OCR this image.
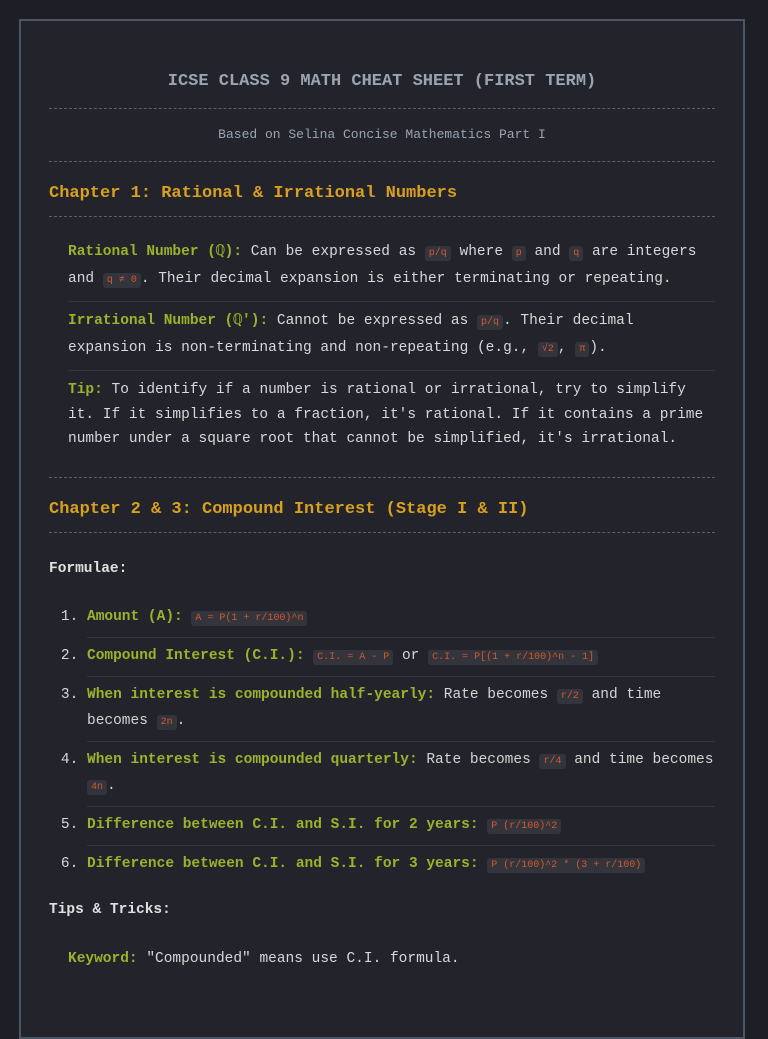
ICSE CLASS 9 MATH CHEAT SHEET (FIRST TERM)
Based on Selina Concise Mathematics Part I
Chapter 1: Rational & Irrational Numbers
Rational Number (ℚ): Can be expressed as p/q where p and q are integers and q ≠ 0 . Their decimal expansion is either terminating or repeating.
Irrational Number (ℚ'): Cannot be expressed as p/q . Their decimal expansion is non-terminating and non-repeating (e.g., √2 , π ).
Tip: To identify if a number is rational or irrational, try to simplify it. If it simplifies to a fraction, it's rational. If it contains a prime number under a square root that cannot be simplified, it's irrational.
Chapter 2 & 3: Compound Interest (Stage I & II)
Formulae:
1. Amount (A): A = P(1 + r/100)^n
2. Compound Interest (C.I.): C.I. = A - P or C.I. = P[(1 + r/100)^n - 1]
3. When interest is compounded half-yearly: Rate becomes r/2 and time becomes 2n .
4. When interest is compounded quarterly: Rate becomes r/4 and time becomes 4n .
5. Difference between C.I. and S.I. for 2 years: P (r/100)^2
6. Difference between C.I. and S.I. for 3 years: P (r/100)^2 * (3 + r/100)
Tips & Tricks:
Keyword: "Compounded" means use C.I. formula.
